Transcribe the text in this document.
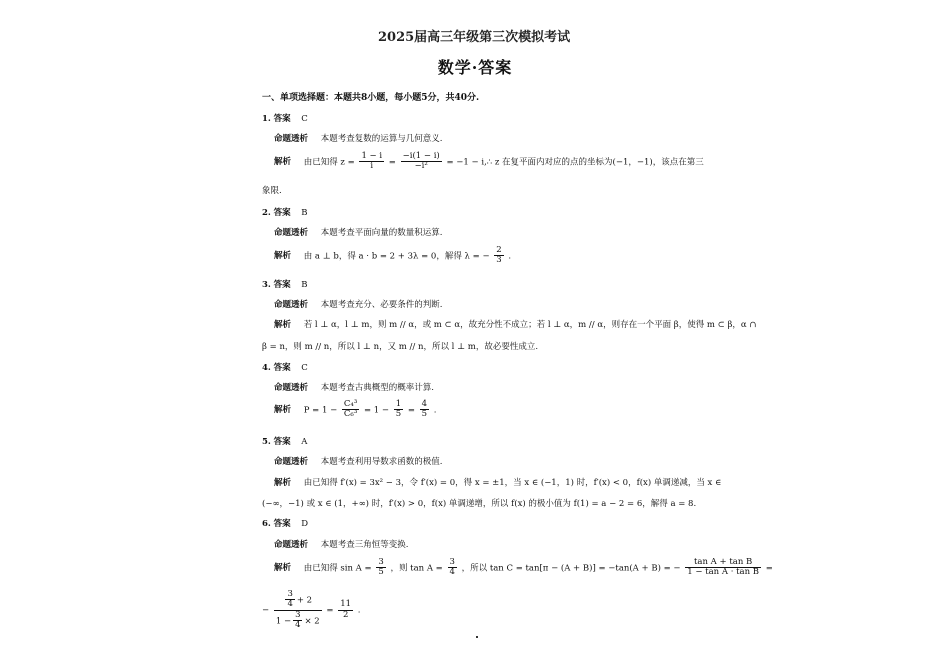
2025届高三年级第三次模拟考试
数学·答案
一、单项选择题：本题共8小题，每小题5分，共40分.
1. 答案 C
命题透析 本题考查复数的运算与几何意义.
解析 由已知得 $z = \frac{1 - i}{i} = \frac{-i(1 - i)}{\text{−i²}} = -1$ − i,∴ z 在复平面内对应的点的坐标为(−1，−1)，该点在第三
象限.
2. 答案 B
命题透析 本题考查平面向量的数量积运算.
解析 由 a ⊥ b，得 a · b = 2 + 3λ = 0，解得 λ = − $\frac{2}{3}$ .
3. 答案 B
命题透析 本题考查充分、必要条件的判断.
解析 若 l ⊥ α，l ⊥ m，则 m // α，或 m ⊂ α，故充分性不成立；若 l ⊥ α，m // α，则存在一个平面 β，使得 m ⊂ β，α ∩
β = n，则 m // n，所以 l ⊥ n，又 m // n，所以 l ⊥ m，故必要性成立.
4. 答案 C
命题透析 本题考查古典概型的概率计算.
解析 $P = 1 - \frac{\text{C₄³}}{\text{C₆³}} = 1 - \frac{1}{5} = \frac{4}{5}$ .
5. 答案 A
命题透析 本题考查利用导数求函数的极值.
解析 由已知得 f′(x) = 3x² − 3，令 f′(x) = 0，得 x = ±1，当 x ∈ (−1，1) 时，f′(x) < 0，f(x) 单调递减，当 x ∈
(−∞，−1) 或 x ∈ (1，+∞) 时，f′(x) > 0，f(x) 单调递增，所以 f(x) 的极小值为 f(1) = a − 2 = 6，解得 a = 8.
6. 答案 D
命题透析 本题考查三角恒等变换.
解析 由已知得 $\sin A = \frac{3}{5}$ ，则 $\tan A = \frac{3}{4}$ ，所以 tan C = tan[π − (A + B)] = −tan(A + B) = − $\frac{\text{tan A + tan B}}{\text{1 − tan A · tan B}}$ =
− $\frac{\frac{3}{4} + 2}{1 - \frac{3}{4} \times 2} = \frac{11}{2}$ .
